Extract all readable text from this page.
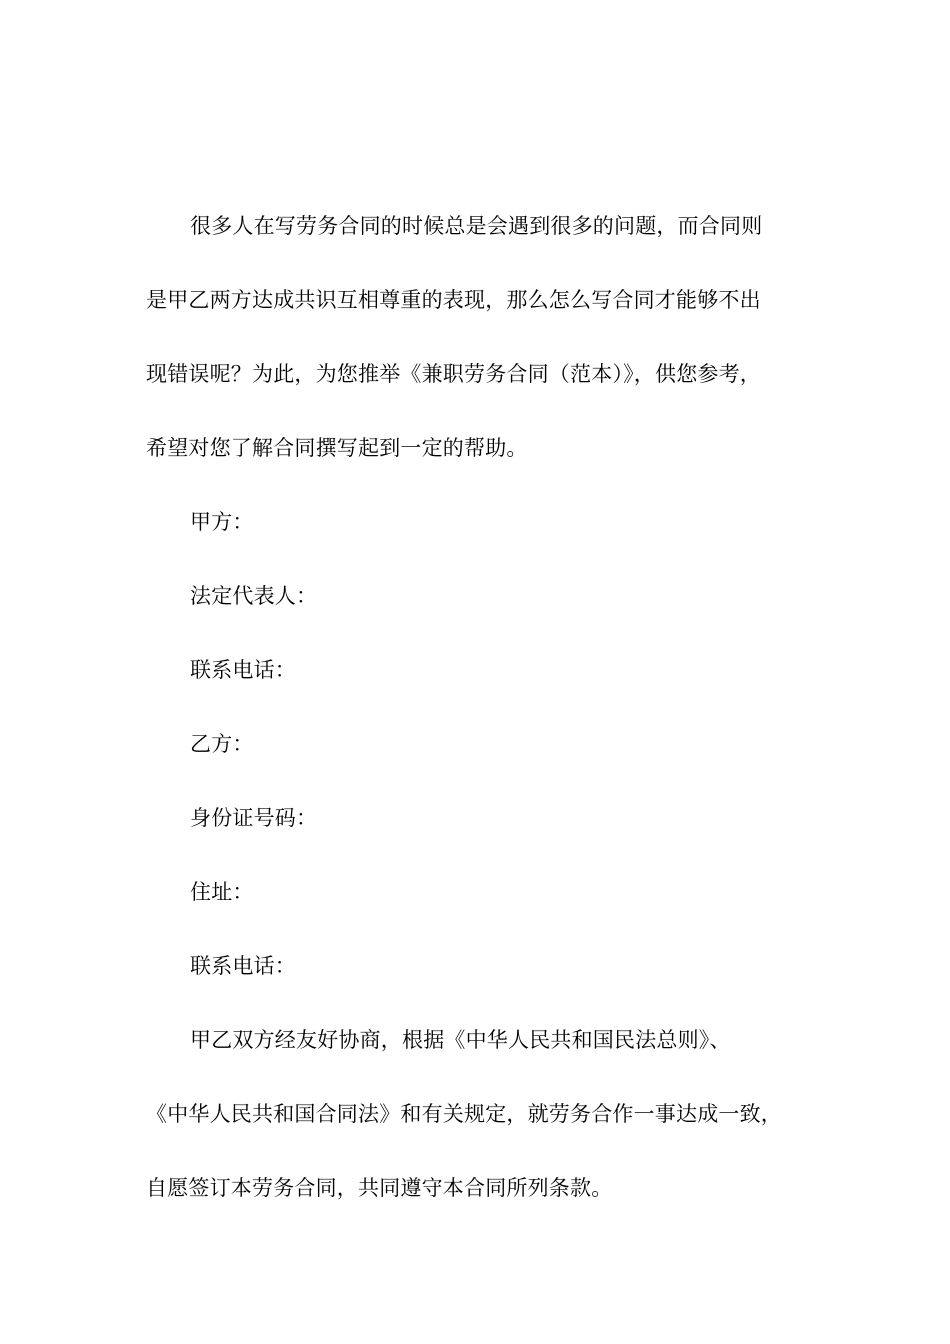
很多人在写劳务合同的时候总是会遇到很多的问题，而合同则
是甲乙两方达成共识互相尊重的表现，那么怎么写合同才能够不出
现错误呢？为此，为您推举《兼职劳务合同（范本）》，供您参考，
希望对您了解合同撰写起到一定的帮助。
甲方：
法定代表人：
联系电话：
乙方：
身份证号码：
住址：
联系电话：
甲乙双方经友好协商，根据《中华人民共和国民法总则》、
《中华人民共和国合同法》和有关规定，就劳务合作一事达成一致，
自愿签订本劳务合同，共同遵守本合同所列条款。
